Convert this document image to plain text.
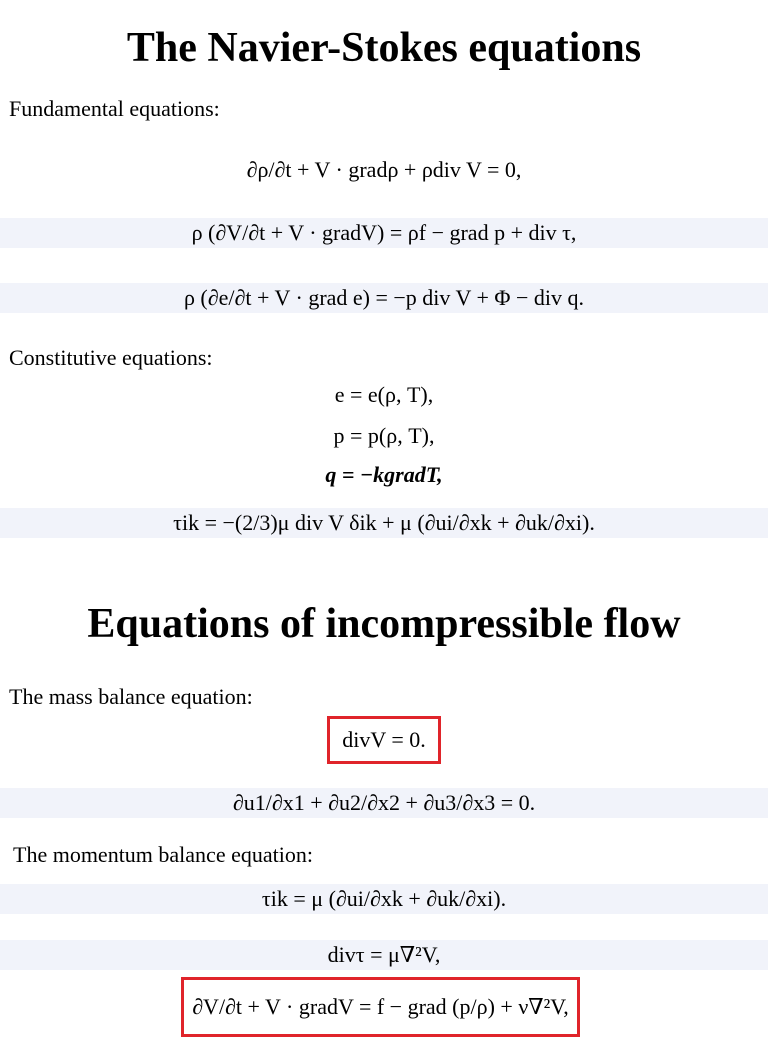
The Navier-Stokes equations
Fundamental equations:
∂ρ/∂t + V · gradρ + ρdiv V = 0,
ρ (∂V/∂t + V · gradV) = ρf − grad p + div τ,
ρ (∂e/∂t + V · grad e) = −p div V + Φ − div q.
Constitutive equations:
e = e(ρ, T),
p = p(ρ, T),
q = −kgradT,
τik = −(2/3)μ div V δik + μ (∂ui/∂xk + ∂uk/∂xi).
Equations of incompressible flow
The mass balance equation:
divV = 0.
∂u1/∂x1 + ∂u2/∂x2 + ∂u3/∂x3 = 0.
The momentum balance equation:
τik = μ (∂ui/∂xk + ∂uk/∂xi).
divτ = μ∇²V,
∂V/∂t + V · gradV = f − grad (p/ρ) + ν∇²V,
